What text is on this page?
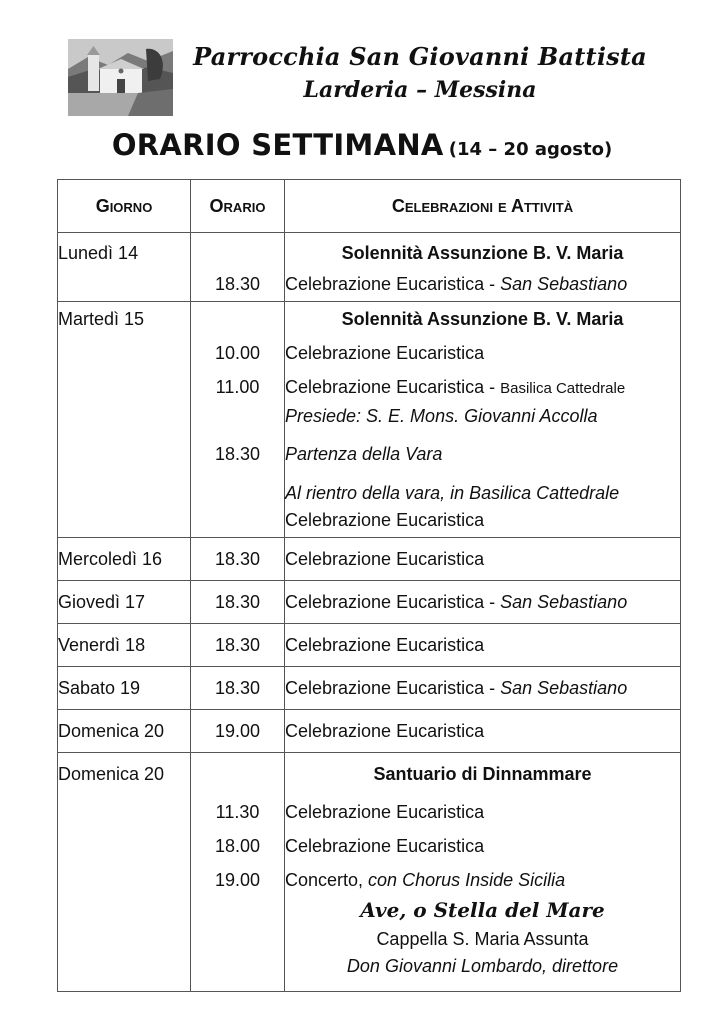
Parrocchia San Giovanni Battista
Larderia – Messina
ORARIO SETTIMANA (14 – 20 agosto)
Giorno	Orario	Celebrazioni e Attività
Lunedì 14		Solennità Assunzione B. V. Maria
	18.30	Celebrazione Eucaristica - San Sebastiano
Martedì 15		Solennità Assunzione B. V. Maria
	10.00	Celebrazione Eucaristica
	11.00	Celebrazione Eucaristica - Basilica Cattedrale
		Presiede: S. E. Mons. Giovanni Accolla
	18.30	Partenza della Vara
		Al rientro della vara, in Basilica Cattedrale
		Celebrazione Eucaristica
Mercoledì 16	18.30	Celebrazione Eucaristica
Giovedì 17	18.30	Celebrazione Eucaristica - San Sebastiano
Venerdì 18	18.30	Celebrazione Eucaristica
Sabato 19	18.30	Celebrazione Eucaristica - San Sebastiano
Domenica 20	19.00	Celebrazione Eucaristica
Domenica 20		Santuario di Dinnammare
	11.30	Celebrazione Eucaristica
	18.00	Celebrazione Eucaristica
	19.00	Concerto, con Chorus Inside Sicilia
		Ave, o Stella del Mare
		Cappella S. Maria Assunta
		Don Giovanni Lombardo, direttore
